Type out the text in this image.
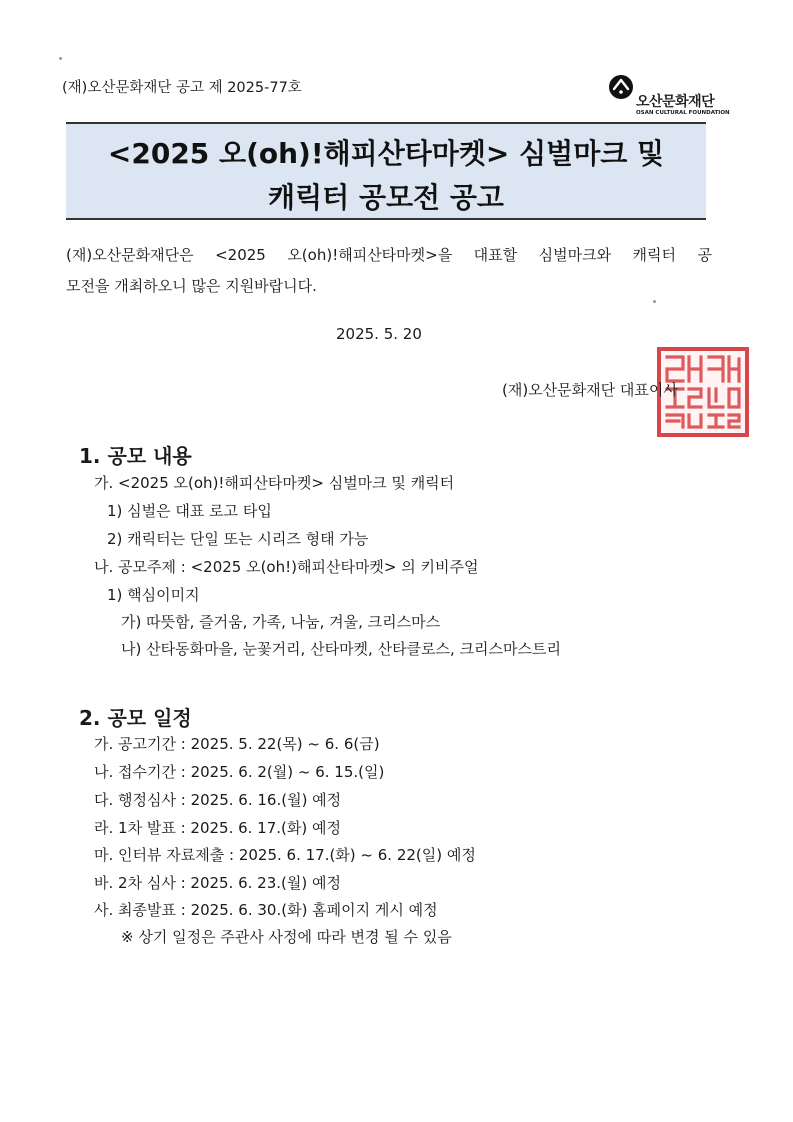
(재)오산문화재단 공고 제 2025-77호
오산문화재단
OSAN CULTURAL FOUNDATION
<2025 오(oh)!해피산타마켓> 심벌마크 및
캐릭터 공모전 공고
(재)오산문화재단은 <2025 오(oh)!해피산타마켓>을 대표할 심벌마크와 캐릭터 공
모전을 개최하오니 많은 지원바랍니다.
2025. 5. 20
(재)오산문화재단 대표이사
1. 공모 내용
가. <2025 오(oh)!해피산타마켓> 심벌마크 및 캐릭터
1) 심벌은 대표 로고 타입
2) 캐릭터는 단일 또는 시리즈 형태 가능
나. 공모주제 : <2025 오(oh!)해피산타마켓> 의 키비주얼
1) 핵심이미지
가) 따뜻함, 즐거움, 가족, 나눔, 겨울, 크리스마스
나) 산타동화마을, 눈꽃거리, 산타마켓, 산타클로스, 크리스마스트리
2. 공모 일정
가. 공고기간 : 2025. 5. 22(목) ~ 6. 6(금)
나. 접수기간 : 2025. 6. 2(월) ~ 6. 15.(일)
다. 행정심사 : 2025. 6. 16.(월) 예정
라. 1차 발표 : 2025. 6. 17.(화) 예정
마. 인터뷰 자료제출 : 2025. 6. 17.(화) ~ 6. 22(일) 예정
바. 2차 심사 : 2025. 6. 23.(월) 예정
사. 최종발표 : 2025. 6. 30.(화) 홈페이지 게시 예정
※ 상기 일정은 주관사 사정에 따라 변경 될 수 있음
